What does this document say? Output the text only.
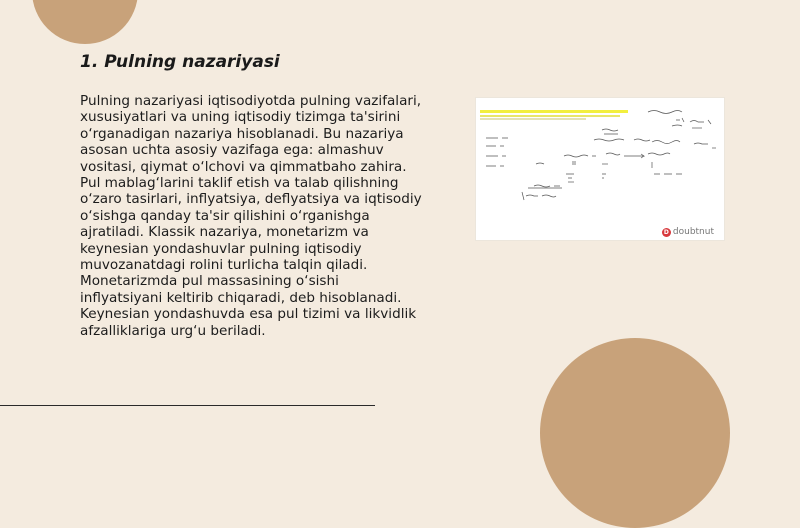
1. Pulning nazariyasi

Pulning nazariyasi iqtisodiyotda pulning vazifalari, xususiyatlari va uning iqtisodiy tizimga ta'sirini o‘rganadigan nazariya hisoblanadi. Bu nazariya asosan uchta asosiy vazifaga ega: almashuv vositasi, qiymat o‘lchovi va qimmatbaho zahira. Pul mablag‘larini taklif etish va talab qilishning o‘zaro tasirlari, inflyatsiya, deflyatsiya va iqtisodiy o‘sishga qanday ta'sir qilishini o‘rganishga ajratiladi. Klassik nazariya, monetarizm va keynesian yondashuvlar pulning iqtisodiy muvozanatdagi rolini turlicha talqin qiladi. Monetarizmda pul massasining o‘sishi inflyatsiyani keltirib chiqaradi, deb hisoblanadi. Keynesian yondashuvda esa pul tizimi va likvidlik afzalliklariga urg‘u beriladi.

D doubtnut
